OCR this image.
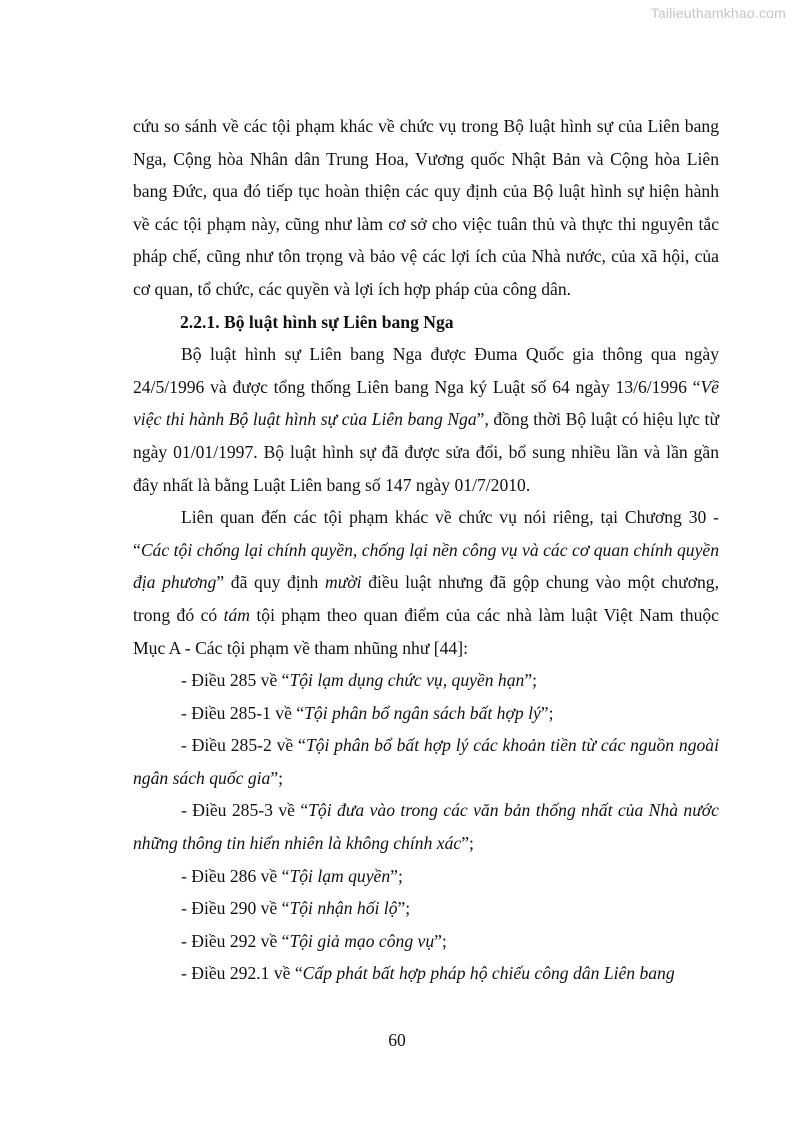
Tailieuthamkhao.com

cứu so sánh về các tội phạm khác về chức vụ trong Bộ luật hình sự của Liên bang Nga, Cộng hòa Nhân dân Trung Hoa, Vương quốc Nhật Bản và Cộng hòa Liên bang Đức, qua đó tiếp tục hoàn thiện các quy định của Bộ luật hình sự hiện hành về các tội phạm này, cũng như làm cơ sở cho việc tuân thủ và thực thi nguyên tắc pháp chế, cũng như tôn trọng và bảo vệ các lợi ích của Nhà nước, của xã hội, của cơ quan, tổ chức, các quyền và lợi ích hợp pháp của công dân.

2.2.1. Bộ luật hình sự Liên bang Nga

Bộ luật hình sự Liên bang Nga được Đuma Quốc gia thông qua ngày 24/5/1996 và được tổng thống Liên bang Nga ký Luật số 64 ngày 13/6/1996 “Về việc thi hành Bộ luật hình sự của Liên bang Nga”, đồng thời Bộ luật có hiệu lực từ ngày 01/01/1997. Bộ luật hình sự đã được sửa đổi, bổ sung nhiều lần và lần gần đây nhất là bằng Luật Liên bang số 147 ngày 01/7/2010.

Liên quan đến các tội phạm khác về chức vụ nói riêng, tại Chương 30 - “Các tội chống lại chính quyền, chống lại nền công vụ và các cơ quan chính quyền địa phương” đã quy định mười điều luật nhưng đã gộp chung vào một chương, trong đó có tám tội phạm theo quan điểm của các nhà làm luật Việt Nam thuộc Mục A - Các tội phạm về tham nhũng như [44]:

- Điều 285 về “Tội lạm dụng chức vụ, quyền hạn”;

- Điều 285-1 về “Tội phân bổ ngân sách bất hợp lý”;

- Điều 285-2 về “Tội phân bổ bất hợp lý các khoản tiền từ các nguồn ngoài ngân sách quốc gia”;

- Điều 285-3 về “Tội đưa vào trong các văn bản thống nhất của Nhà nước những thông tin hiển nhiên là không chính xác”;

- Điều 286 về “Tội lạm quyền”;

- Điều 290 về “Tội nhận hối lộ”;

- Điều 292 về “Tội giả mạo công vụ”;

- Điều 292.1 về “Cấp phát bất hợp pháp hộ chiếu công dân Liên bang

60
